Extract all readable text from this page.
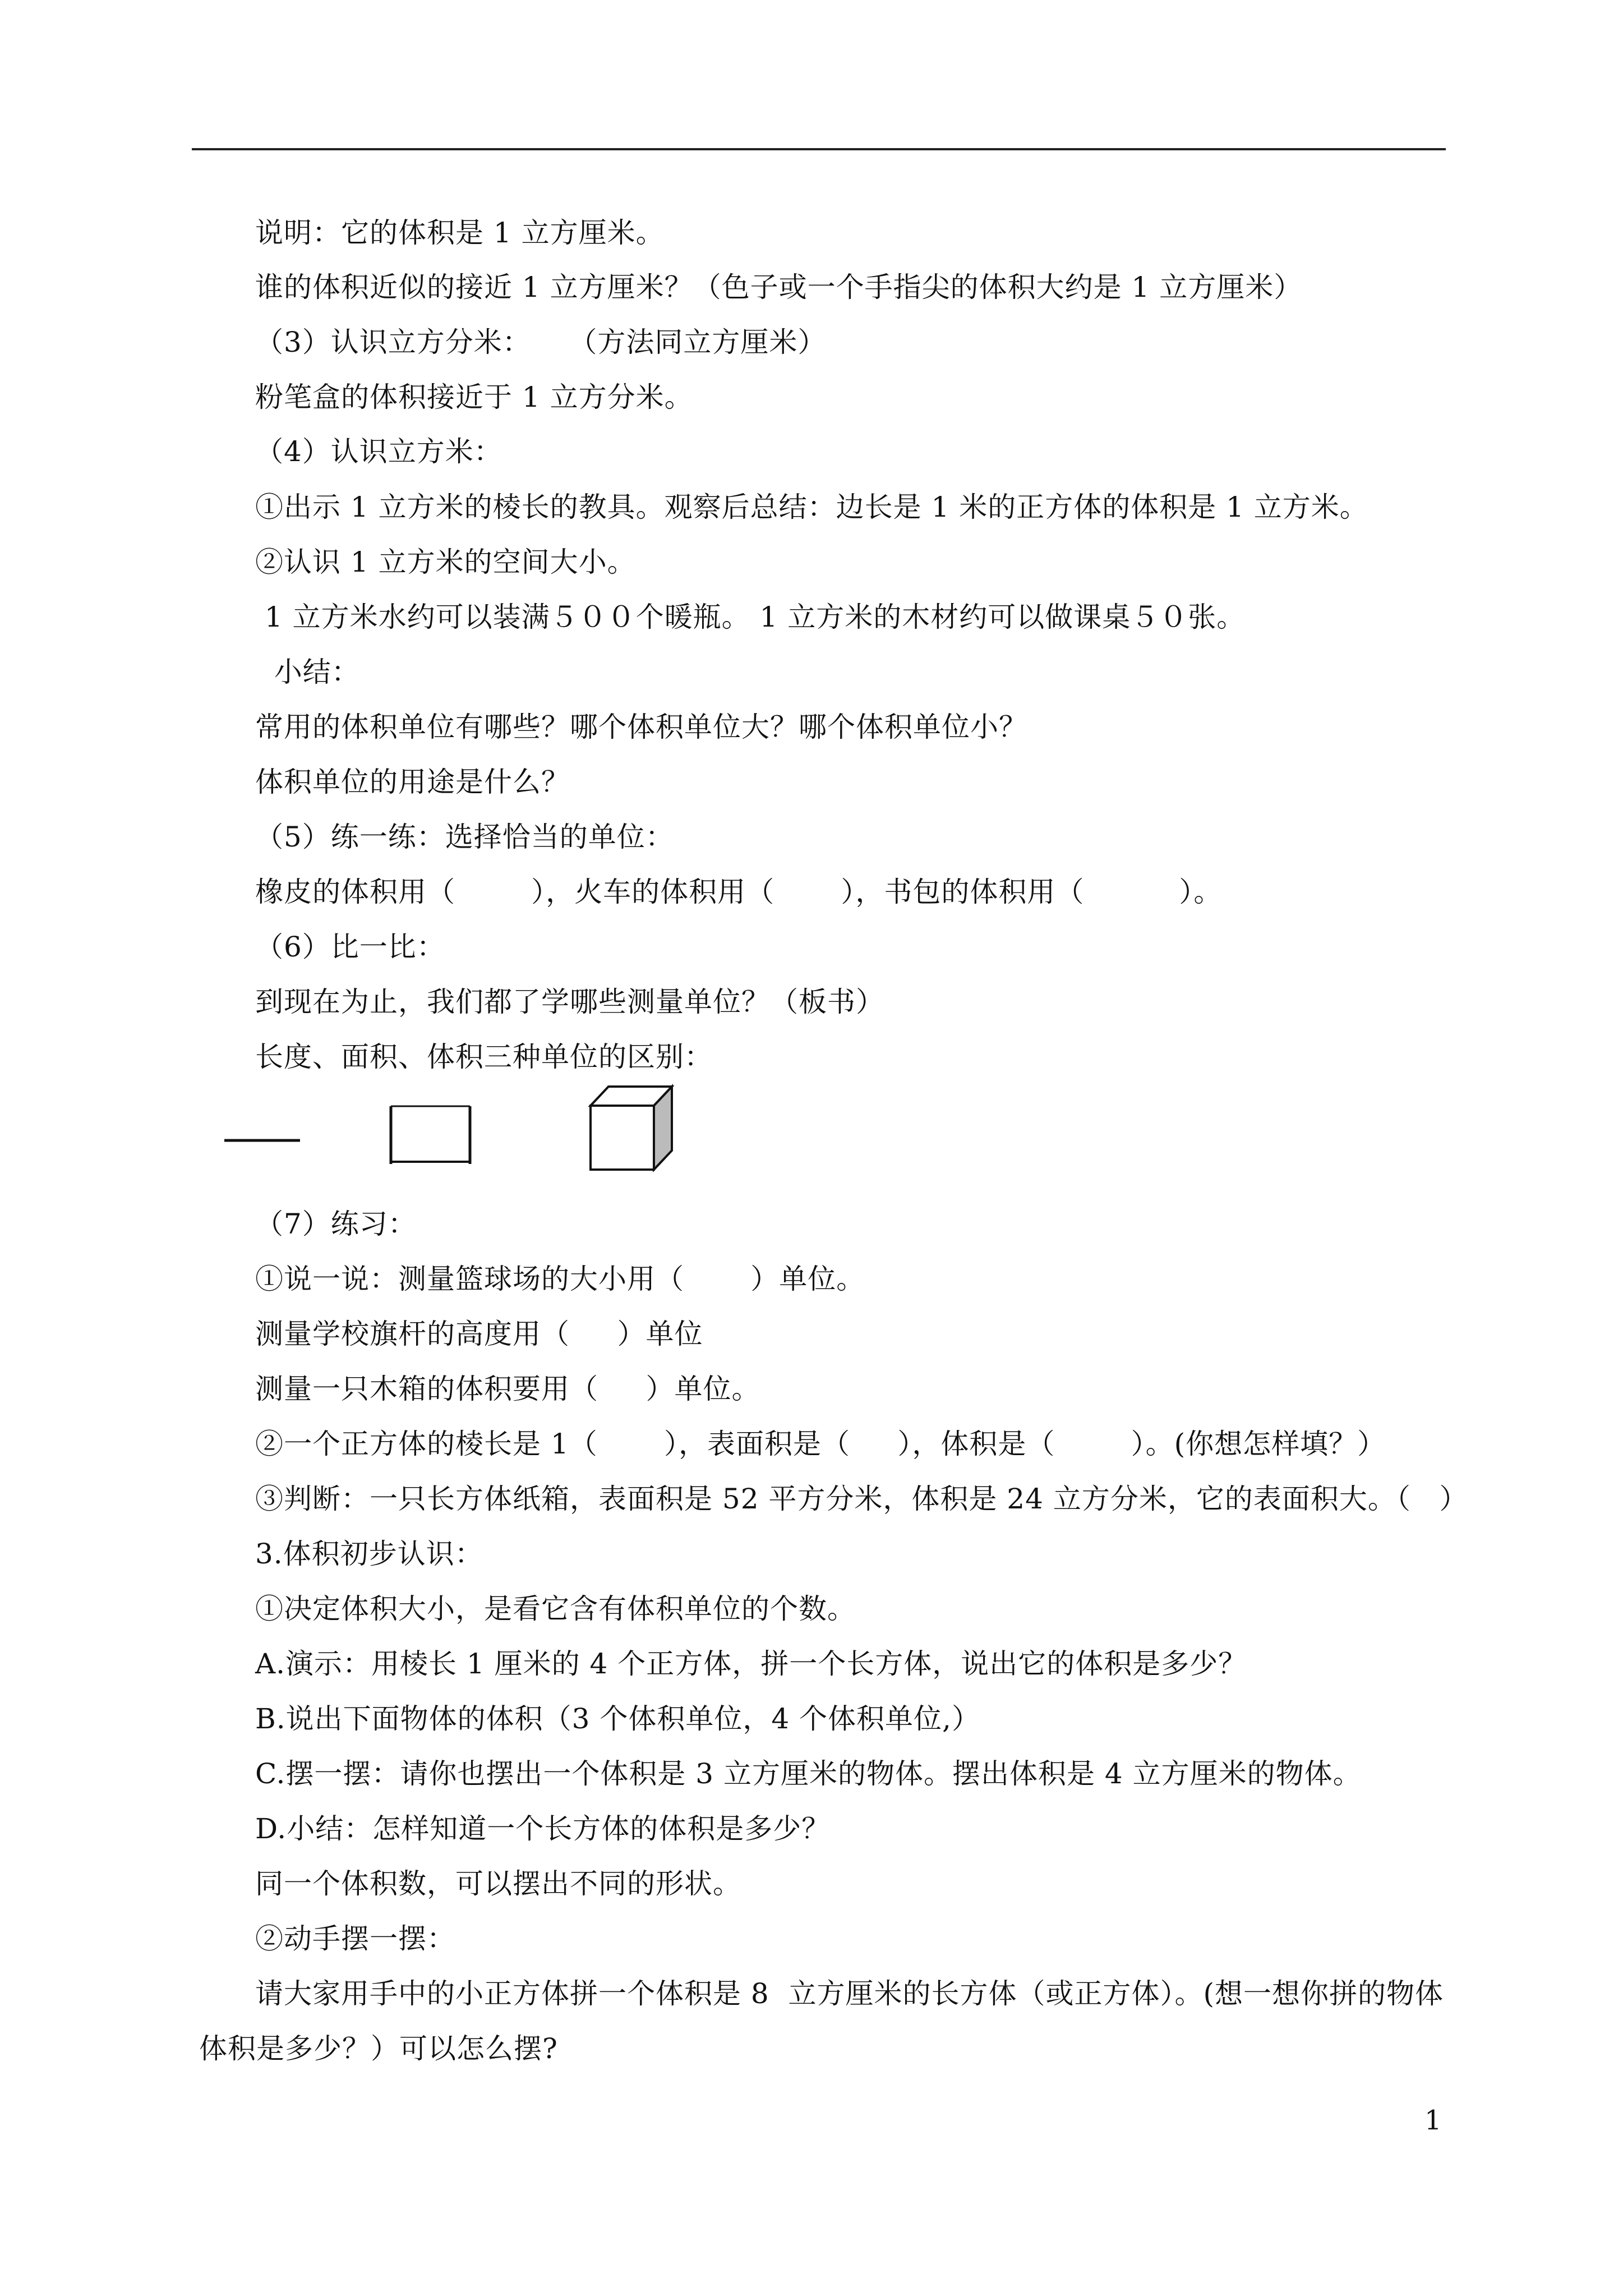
说明：它的体积是 1 立方厘米。
谁的体积近似的接近 1 立方厘米？（色子或一个手指尖的体积大约是 1 立方厘米）
（3）认识立方分米：    （方法同立方厘米）
粉笔盒的体积接近于 1 立方分米。
（4）认识立方米：
①出示 1 立方米的棱长的教具。观察后总结：边长是 1 米的正方体的体积是 1 立方米。
②认识 1 立方米的空间大小。
1 立方米水约可以装满５００个暖瓶。 1 立方米的木材约可以做课桌５０张。
小结：
常用的体积单位有哪些？哪个体积单位大？哪个体积单位小？
体积单位的用途是什么？
（5）练一练：选择恰当的单位：
橡皮的体积用（        ），火车的体积用（       ），书包的体积用（          ）。
（6）比一比：
到现在为止，我们都了学哪些测量单位？（板书）
长度、面积、体积三种单位的区别：
（7）练习：
①说一说：测量篮球场的大小用（       ）单位。
测量学校旗杆的高度用（     ）单位
测量一只木箱的体积要用（     ）单位。
②一个正方体的棱长是 1（       ），表面积是（     ），体积是（        ）。(你想怎样填？）
③判断：一只长方体纸箱，表面积是 52 平方分米，体积是 24 立方分米，它的表面积大。（   ）
3.体积初步认识：
①决定体积大小，是看它含有体积单位的个数。
A.演示：用棱长 1 厘米的 4 个正方体，拼一个长方体，说出它的体积是多少？
B.说出下面物体的体积（3 个体积单位，4 个体积单位,）
C.摆一摆：请你也摆出一个体积是 3 立方厘米的物体。摆出体积是 4 立方厘米的物体。
D.小结：怎样知道一个长方体的体积是多少？
同一个体积数，可以摆出不同的形状。
②动手摆一摆：
请大家用手中的小正方体拼一个体积是 8  立方厘米的长方体（或正方体）。(想一想你拼的物体
体积是多少？）可以怎么摆?
1
